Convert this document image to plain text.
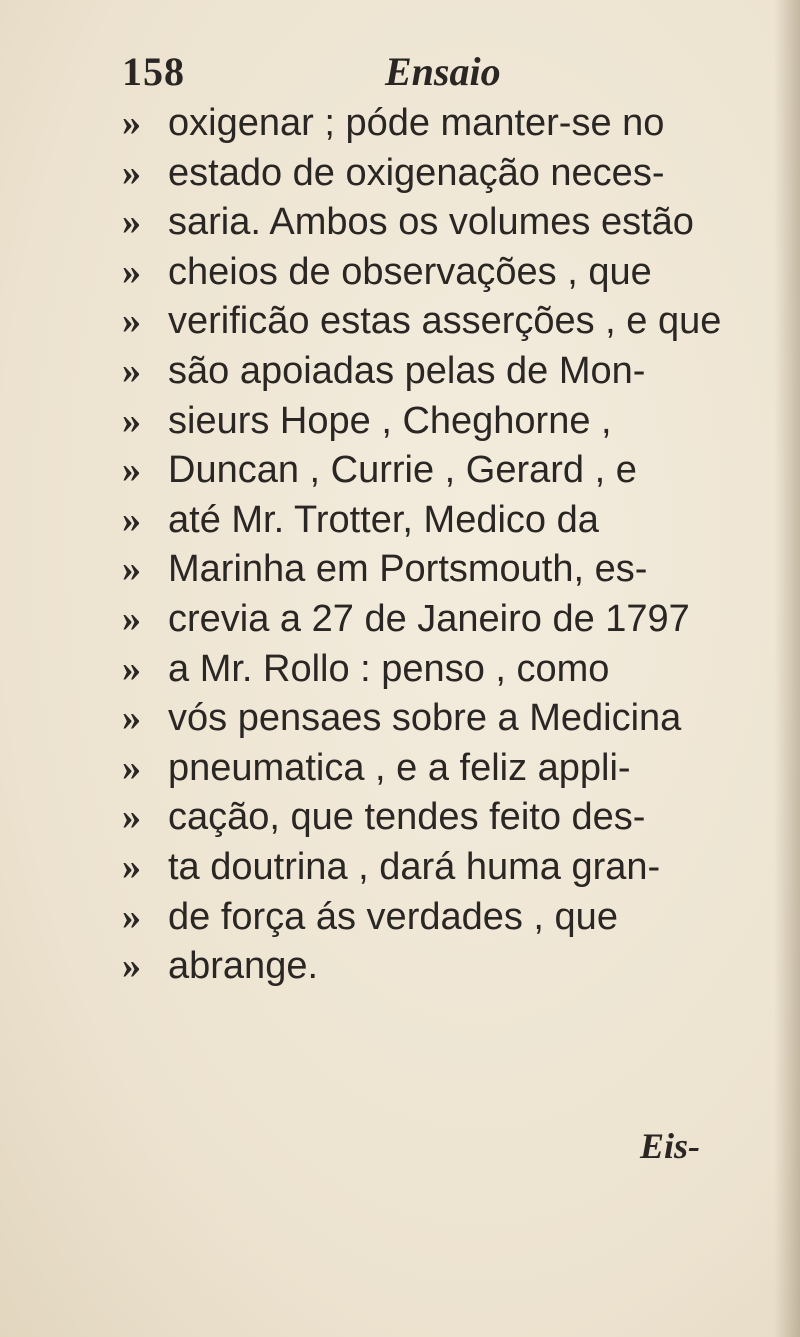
158	Ensaio
» oxigenar ; póde manter-se no
» estado de oxigenação neces-
» saria. Ambos os volumes estão
» cheios de observações , que
» verificão estas asserções , e que
» são apoiadas pelas de Mon-
» sieurs Hope , Cheghorne ,
» Duncan , Currie , Gerard , e
» até Mr. Trotter, Medico da
» Marinha em Portsmouth, es-
» crevia a 27 de Janeiro de 1797
» a Mr. Rollo : penso , como
» vós pensaes sobre a Medicina
» pneumatica , e a feliz appli-
» cação, que tendes feito des-
» ta doutrina , dará huma gran-
» de força ás verdades , que
» abrange.
Eis-
